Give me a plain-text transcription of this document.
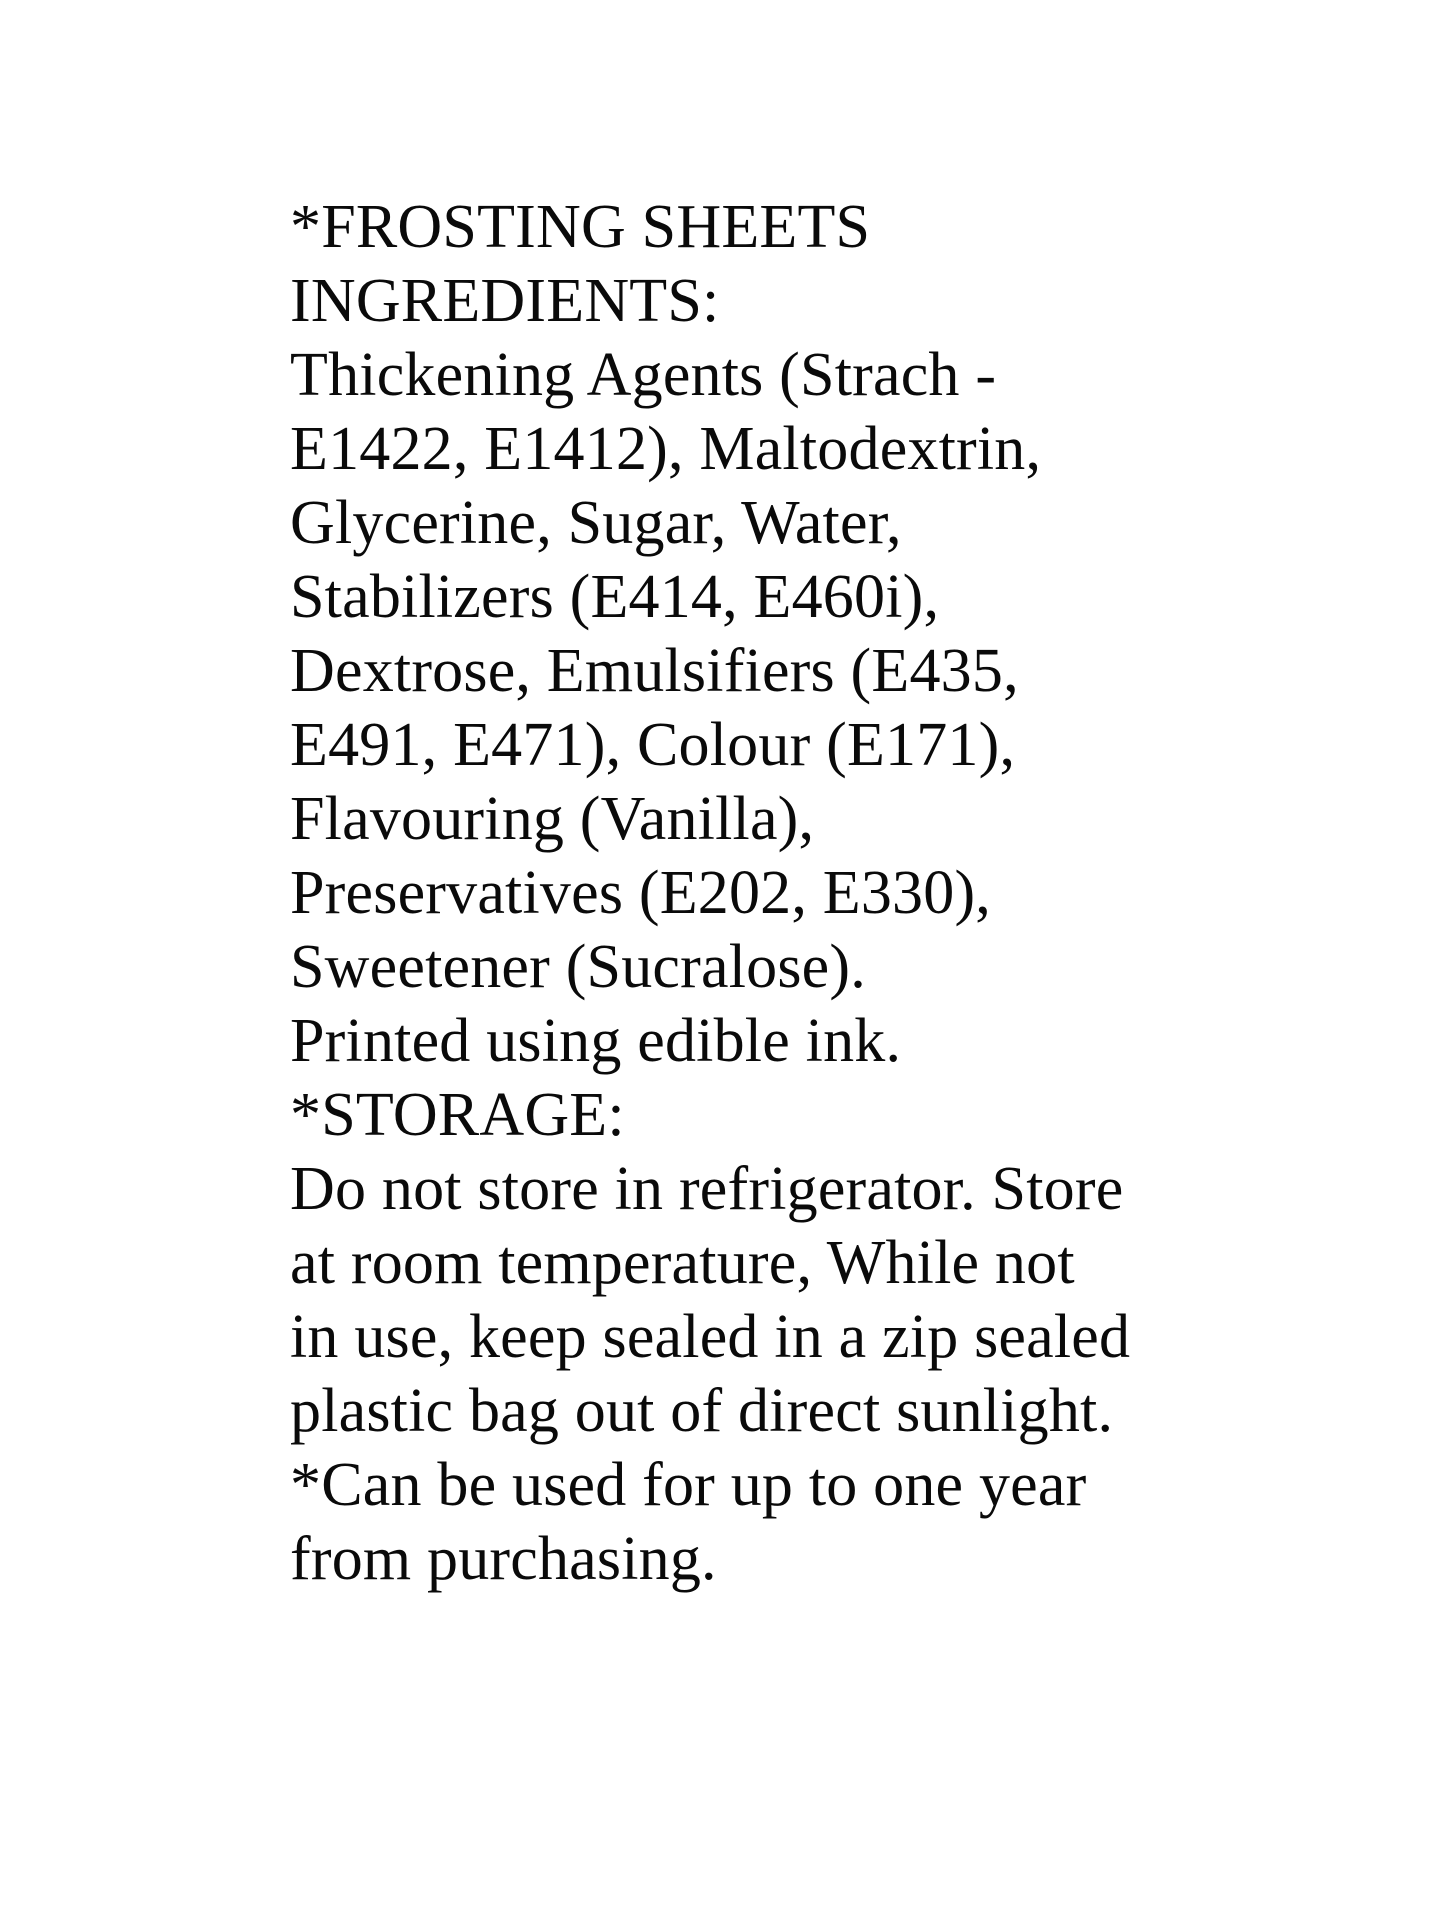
*FROSTING SHEETS
INGREDIENTS:
Thickening Agents (Strach -
E1422, E1412), Maltodextrin,
Glycerine, Sugar, Water,
Stabilizers (E414, E460i),
Dextrose, Emulsifiers (E435,
E491, E471), Colour (E171),
Flavouring (Vanilla),
Preservatives (E202, E330),
Sweetener (Sucralose).
Printed using edible ink.
*STORAGE:
Do not store in refrigerator. Store
at room temperature, While not
in use, keep sealed in a zip sealed
plastic bag out of direct sunlight.
*Can be used for up to one year
from purchasing.
